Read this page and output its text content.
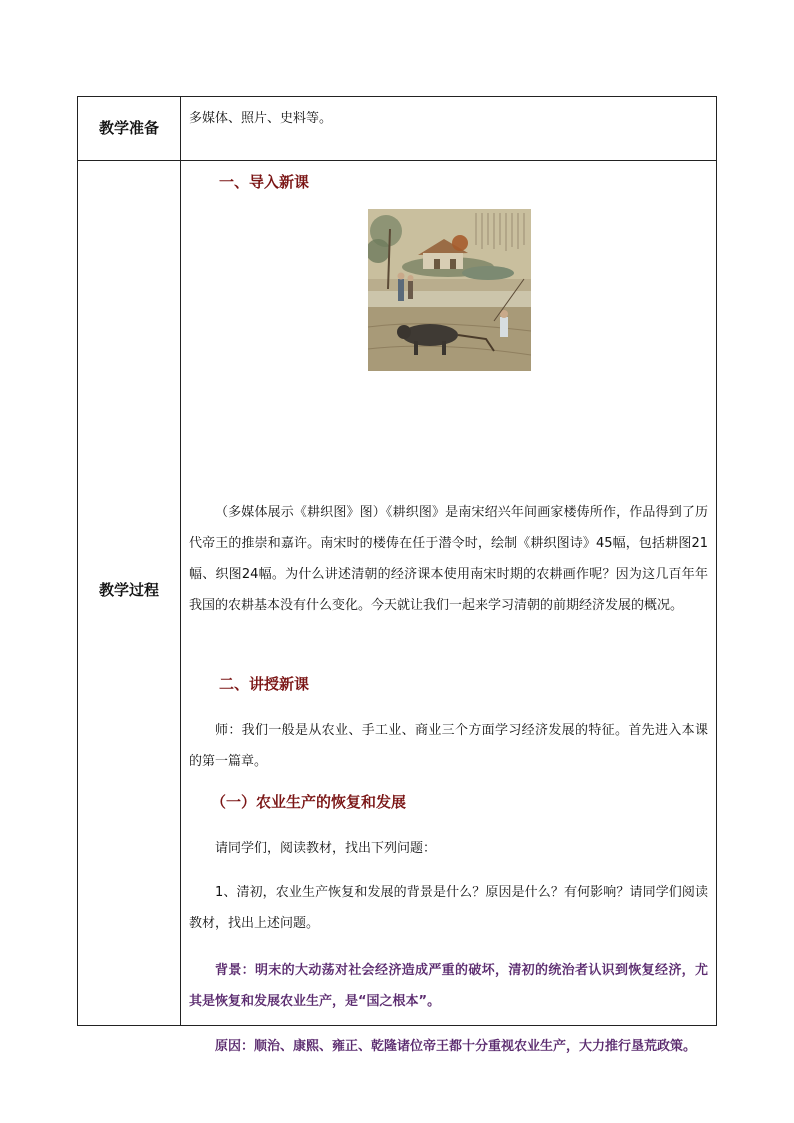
教学准备
多媒体、照片、史料等。
教学过程
一、导入新课

（多媒体展示《耕织图》图）《耕织图》是南宋绍兴年间画家楼俦所作，作品得到了历代帝王的推崇和嘉许。南宋时的楼俦在任于潜令时，绘制《耕织图诗》45幅，包括耕图21幅、织图24幅。为什么讲述清朝的经济课本使用南宋时期的农耕画作呢？因为这几百年年我国的农耕基本没有什么变化。今天就让我们一起来学习清朝的前期经济发展的概况。

二、讲授新课

师：我们一般是从农业、手工业、商业三个方面学习经济发展的特征。首先进入本课的第一篇章。

（一）农业生产的恢复和发展

请同学们，阅读教材，找出下列问题：

1、清初，农业生产恢复和发展的背景是什么？原因是什么？有何影响？请同学们阅读教材，找出上述问题。

背景：明末的大动荡对社会经济造成严重的破坏，清初的统治者认识到恢复经济，尤其是恢复和发展农业生产，是“国之根本”。

原因：顺治、康熙、雍正、乾隆诸位帝王都十分重视农业生产，大力推行垦荒政策。
